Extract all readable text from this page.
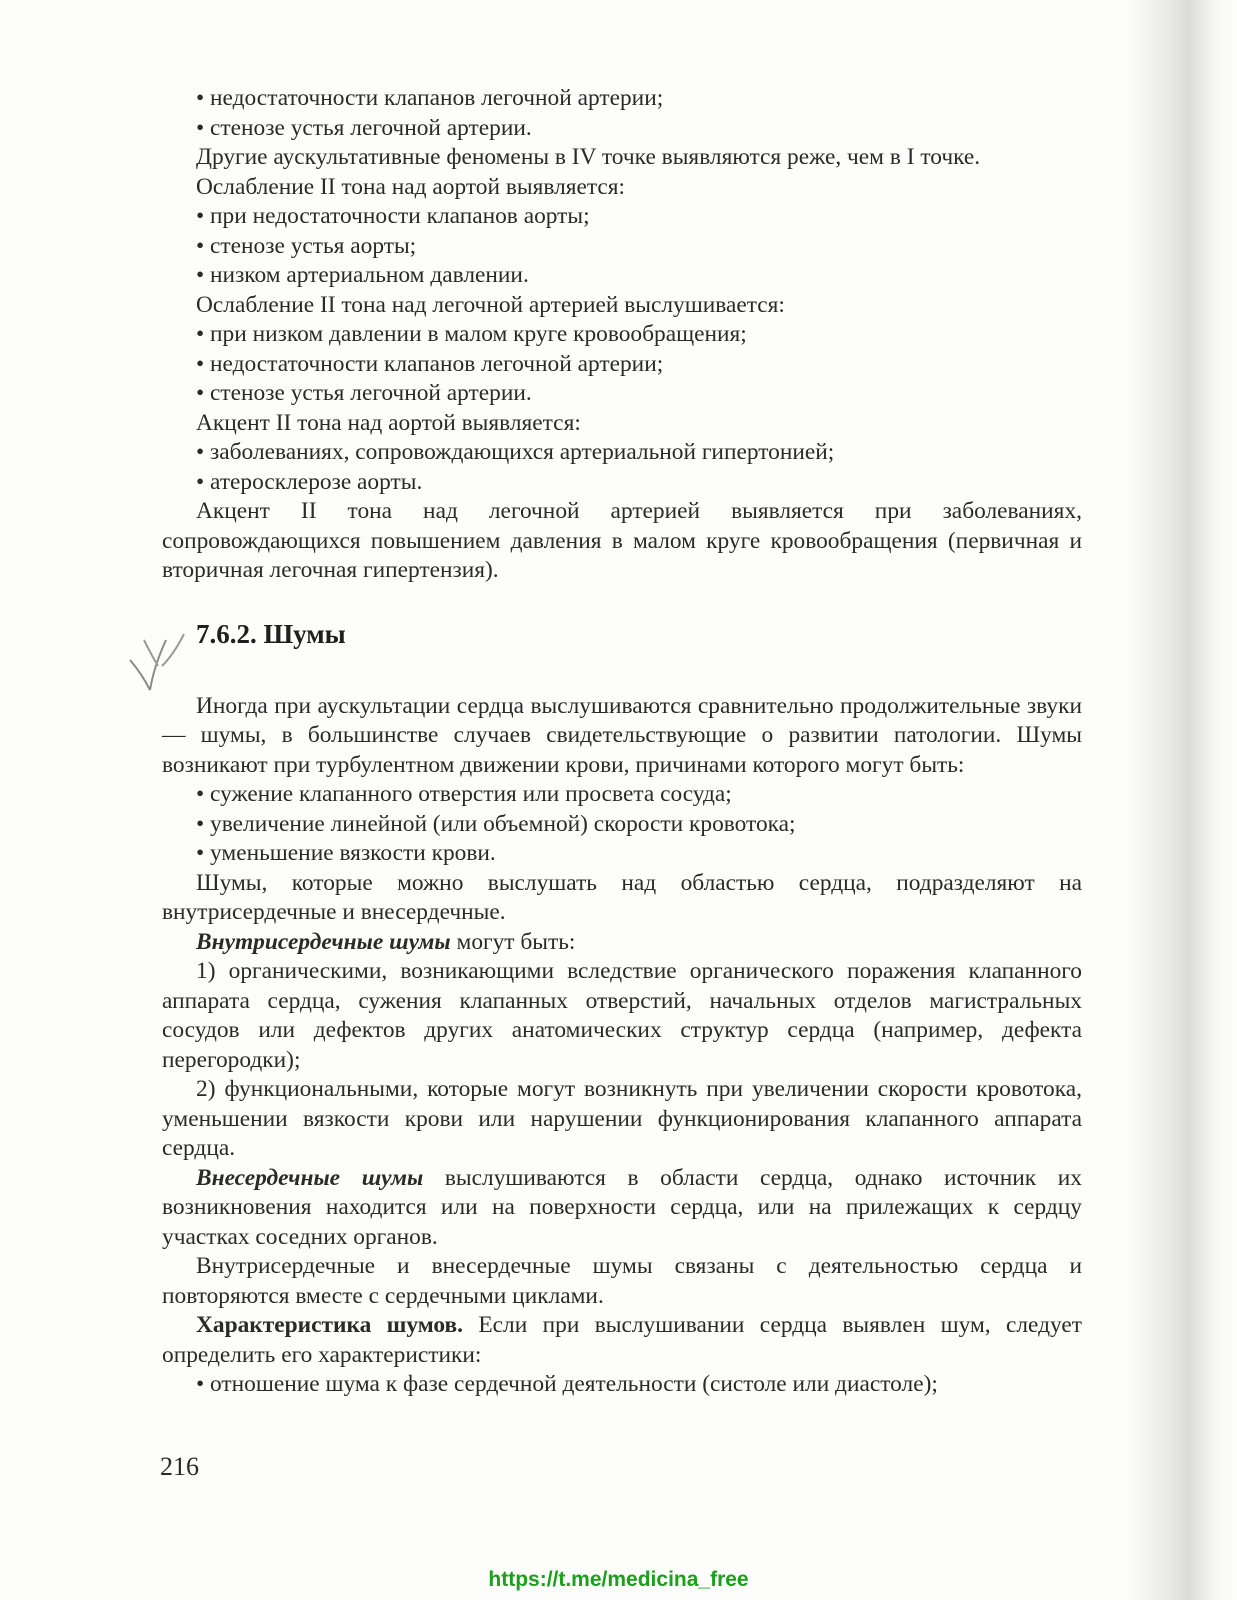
• недостаточности клапанов легочной артерии;

• стенозе устья легочной артерии.

Другие аускультативные феномены в IV точке выявляются реже, чем в I точке.

Ослабление II тона над аортой выявляется:

• при недостаточности клапанов аорты;

• стенозе устья аорты;

• низком артериальном давлении.

Ослабление II тона над легочной артерией выслушивается:

• при низком давлении в малом круге кровообращения;

• недостаточности клапанов легочной артерии;

• стенозе устья легочной артерии.

Акцент II тона над аортой выявляется:

• заболеваниях, сопровождающихся артериальной гипертонией;

• атеросклерозе аорты.

Акцент II тона над легочной артерией выявляется при заболеваниях, сопровождающихся повышением давления в малом круге кровообращения (первичная и вторичная легочная гипертензия).

7.6.2. Шумы

Иногда при аускультации сердца выслушиваются сравнительно продолжительные звуки — шумы, в большинстве случаев свидетельствующие о развитии патологии. Шумы возникают при турбулентном движении крови, причинами которого могут быть:

• сужение клапанного отверстия или просвета сосуда;

• увеличение линейной (или объемной) скорости кровотока;

• уменьшение вязкости крови.

Шумы, которые можно выслушать над областью сердца, подразделяют на внутрисердечные и внесердечные.

Внутрисердечные шумы могут быть:

1) органическими, возникающими вследствие органического поражения клапанного аппарата сердца, сужения клапанных отверстий, начальных отделов магистральных сосудов или дефектов других анатомических структур сердца (например, дефекта перегородки);

2) функциональными, которые могут возникнуть при увеличении скорости кровотока, уменьшении вязкости крови или нарушении функционирования клапанного аппарата сердца.

Внесердечные шумы выслушиваются в области сердца, однако источник их возникновения находится или на поверхности сердца, или на прилежащих к сердцу участках соседних органов.

Внутрисердечные и внесердечные шумы связаны с деятельностью сердца и повторяются вместе с сердечными циклами.

Характеристика шумов. Если при выслушивании сердца выявлен шум, следует определить его характеристики:

• отношение шума к фазе сердечной деятельности (систоле или диастоле);

216
https://t.me/medicina_free
